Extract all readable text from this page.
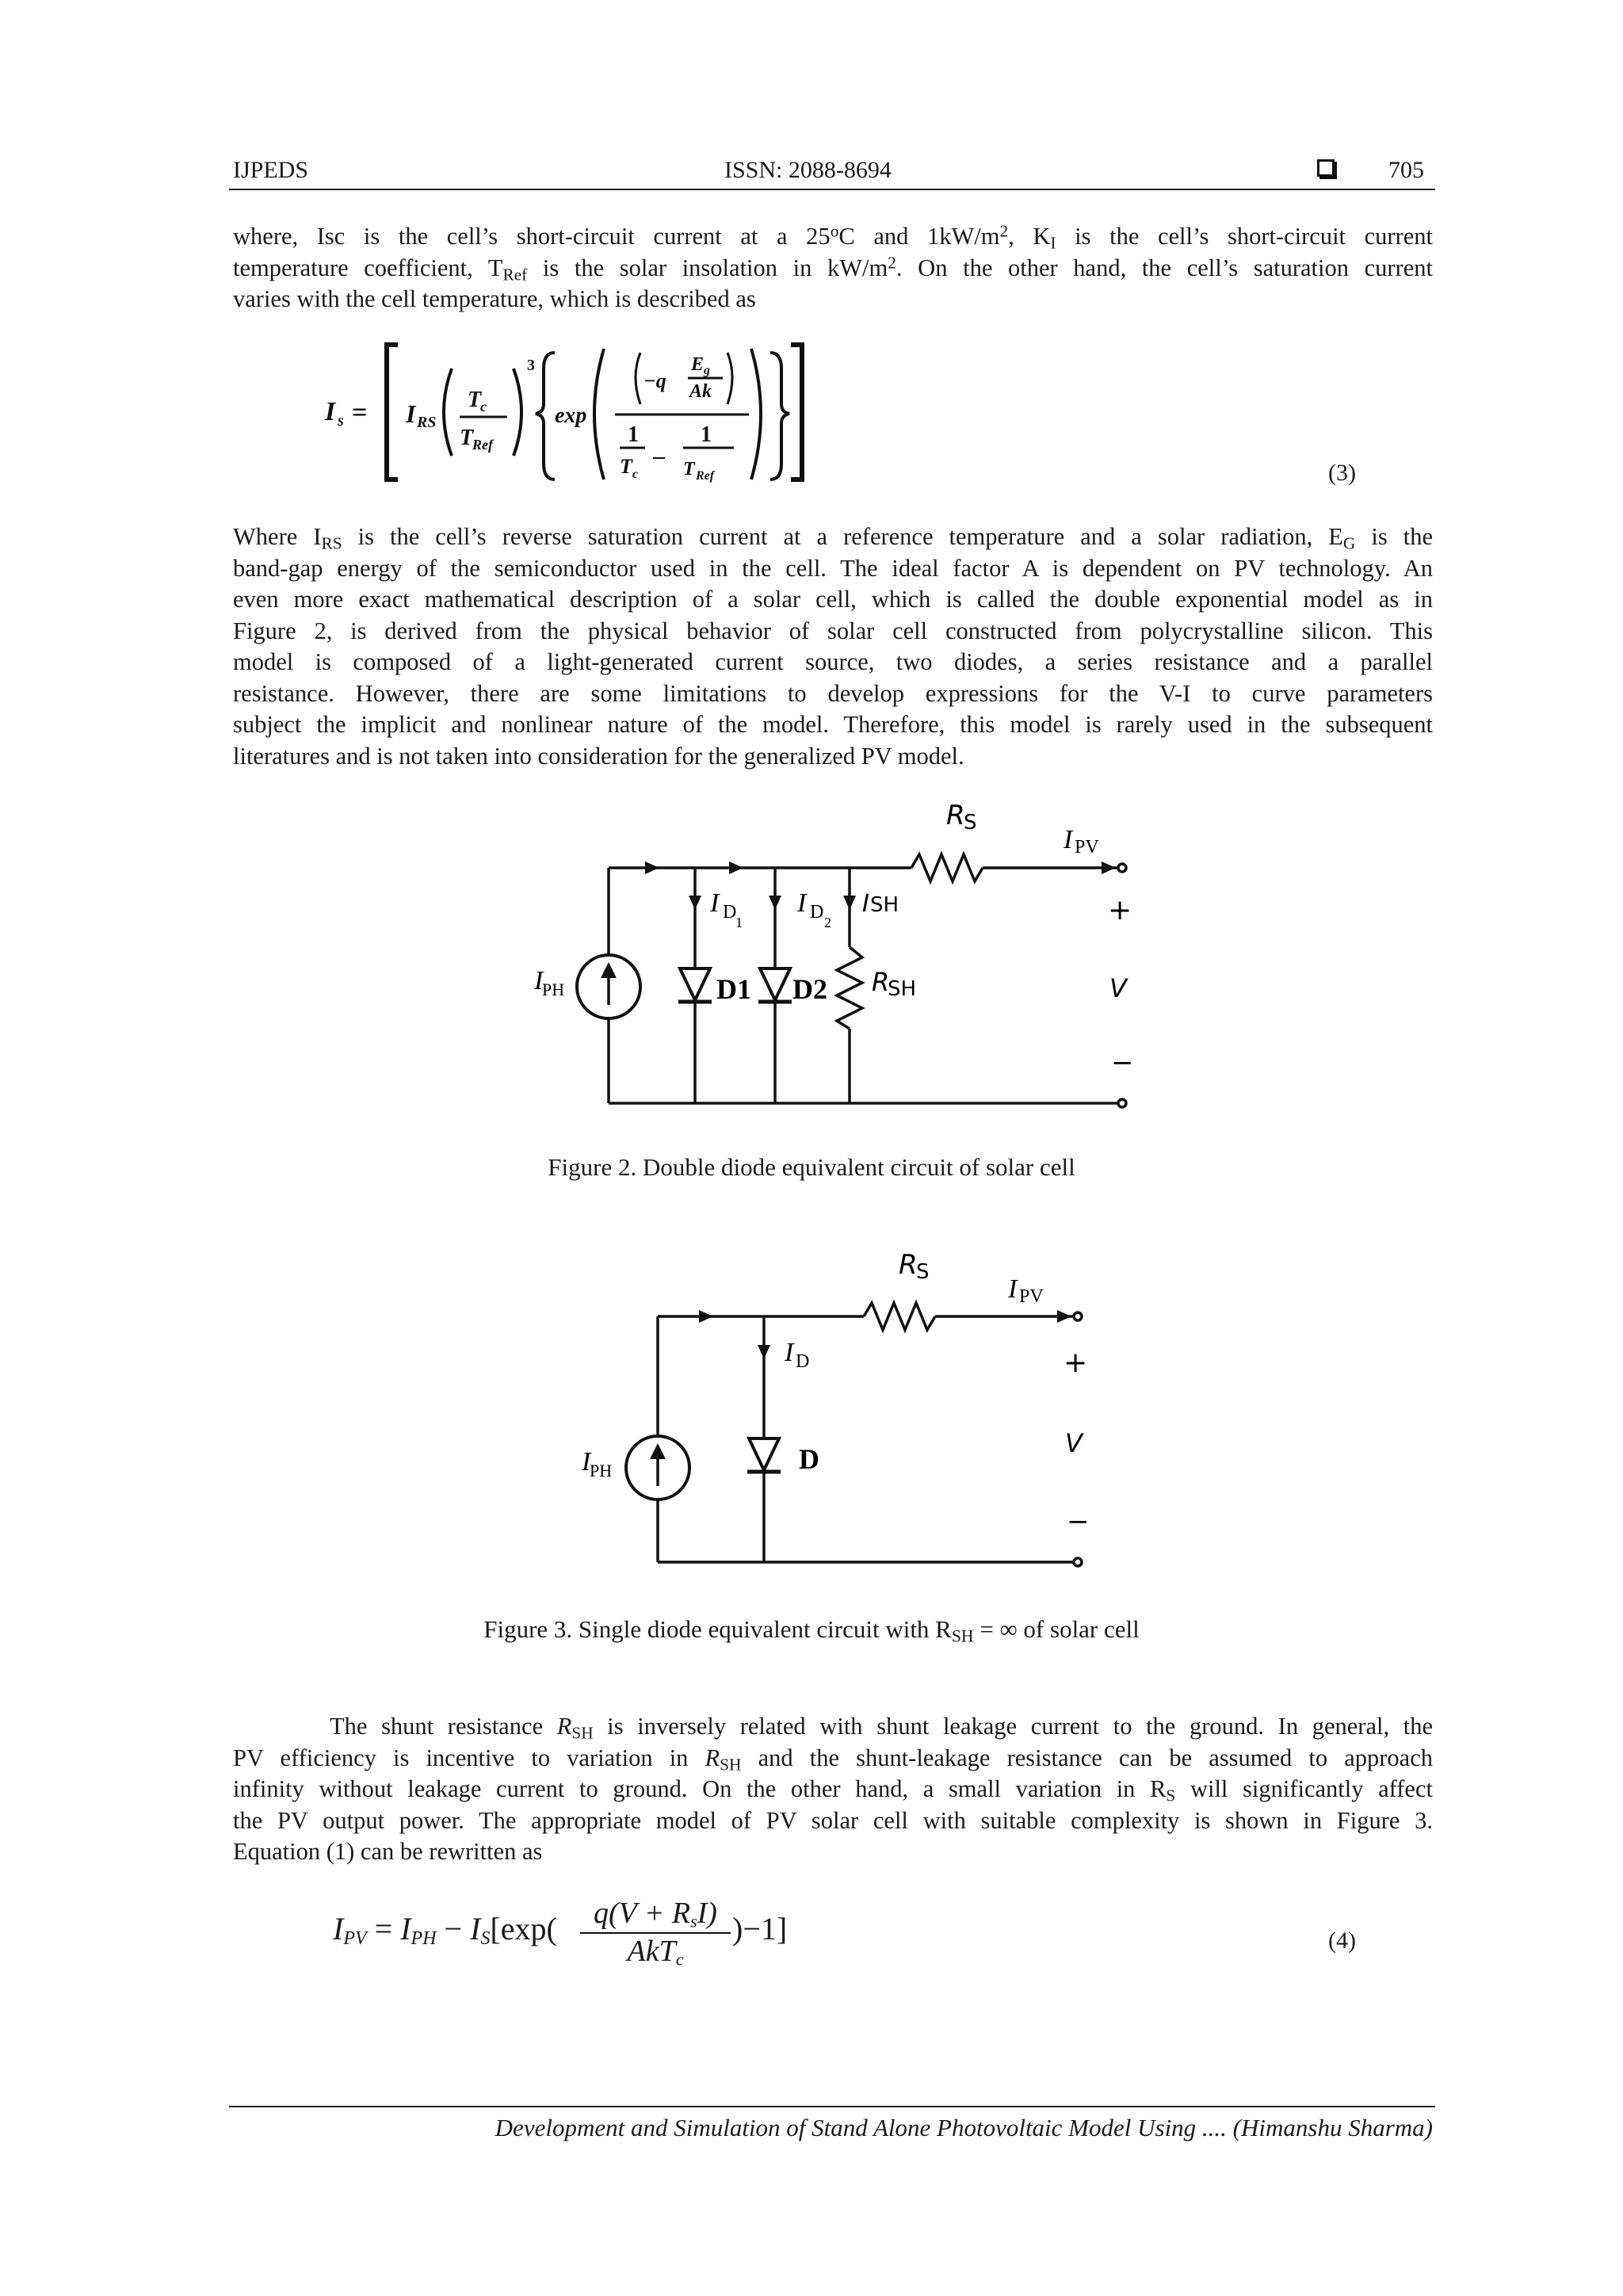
IJPEDS	ISSN: 2088-8694	705
where, Isc is the cell’s short-circuit current at a 25$^o$C and $1kW/m^2$, $K_I$ is the cell’s short-circuit current
temperature coefficient, $T_{Ref}$ is the solar insolation in $kW/m^2$. On the other hand, the cell’s saturation current
varies with the cell temperature, which is described as
I s = I RS
T
c
T
Ref
3
exp
−q
E g
Ak
1
T c
–
1
T Ref	(3)
Where $I_{RS}$ is the cell’s reverse saturation current at a reference temperature and a solar radiation, $E_G$ is the
band-gap energy of the semiconductor used in the cell. The ideal factor A is dependent on PV technology. An
even more exact mathematical description of a solar cell, which is called the double exponential model as in
Figure 2, is derived from the physical behavior of solar cell constructed from polycrystalline silicon. This
model is composed of a light-generated current source, two diodes, a series resistance and a parallel
resistance. However, there are some limitations to develop expressions for the V-I to curve parameters
subject the implicit and nonlinear nature of the model. Therefore, this model is rarely used in the subsequent
literatures and is not taken into consideration for the generalized PV model.
R
S
I PV
+
V
−
I
PH
I D
1
I D 2
I SH
D1 D2 R
SH
Figure 2. Double diode equivalent circuit of solar cell
R
S
I PV
+
V
−
I
PH
I D
D
Figure 3. Single diode equivalent circuit with $R_{SH}$ = ∞ of solar cell
The shunt resistance $R_{SH}$ is inversely related with shunt leakage current to the ground. In general, the
PV efficiency is incentive to variation in $R_{SH}$ and the shunt-leakage resistance can be assumed to approach
infinity without leakage current to ground. On the other hand, a small variation in $R_S$ will significantly affect
the PV output power. The appropriate model of PV solar cell with suitable complexity is shown in Figure 3.
Equation (1) can be rewritten as
$I_{PV} = I_{PH} - I_S[\exp$(	$q(V + R_sI)$
AkT$_c$
)−1]	(4)
Development and Simulation of Stand Alone Photovoltaic Model Using .... (Himanshu Sharma)
